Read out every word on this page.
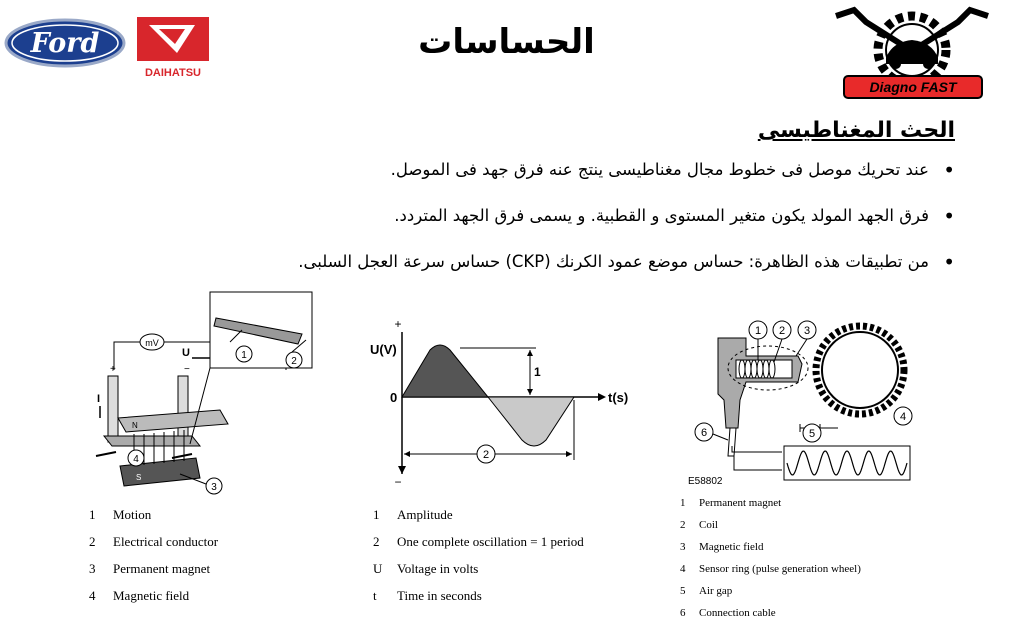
Ford
DAIHATSU
Diagno FAST
الحساسات
الحث المغناطيسى
• عند تحريك موصل فى خطوط مجال مغناطيسى ينتج عنه فرق جهد فى الموصل.
• فرق الجهد المولد يكون متغير المستوى و القطبية. و يسمى فرق الجهد المتردد.
• من تطبيقات هذه الظاهرة: حساس موضع عمود الكرنك (CKP) حساس سرعة العجل السلبى.
mV
U
+	−
I
N
S
1
2
4
3
1 Motion
2 Electrical conductor
3 Permanent magnet
4 Magnetic field
+
U(V)
0	t(s)
1
2
−
1 Amplitude
2 One complete oscillation = 1 period
U Voltage in volts
t Time in seconds
1 2 3
4
5
6
E58802
1 Permanent magnet
2 Coil
3 Magnetic field
4 Sensor ring (pulse generation wheel)
5 Air gap
6 Connection cable
